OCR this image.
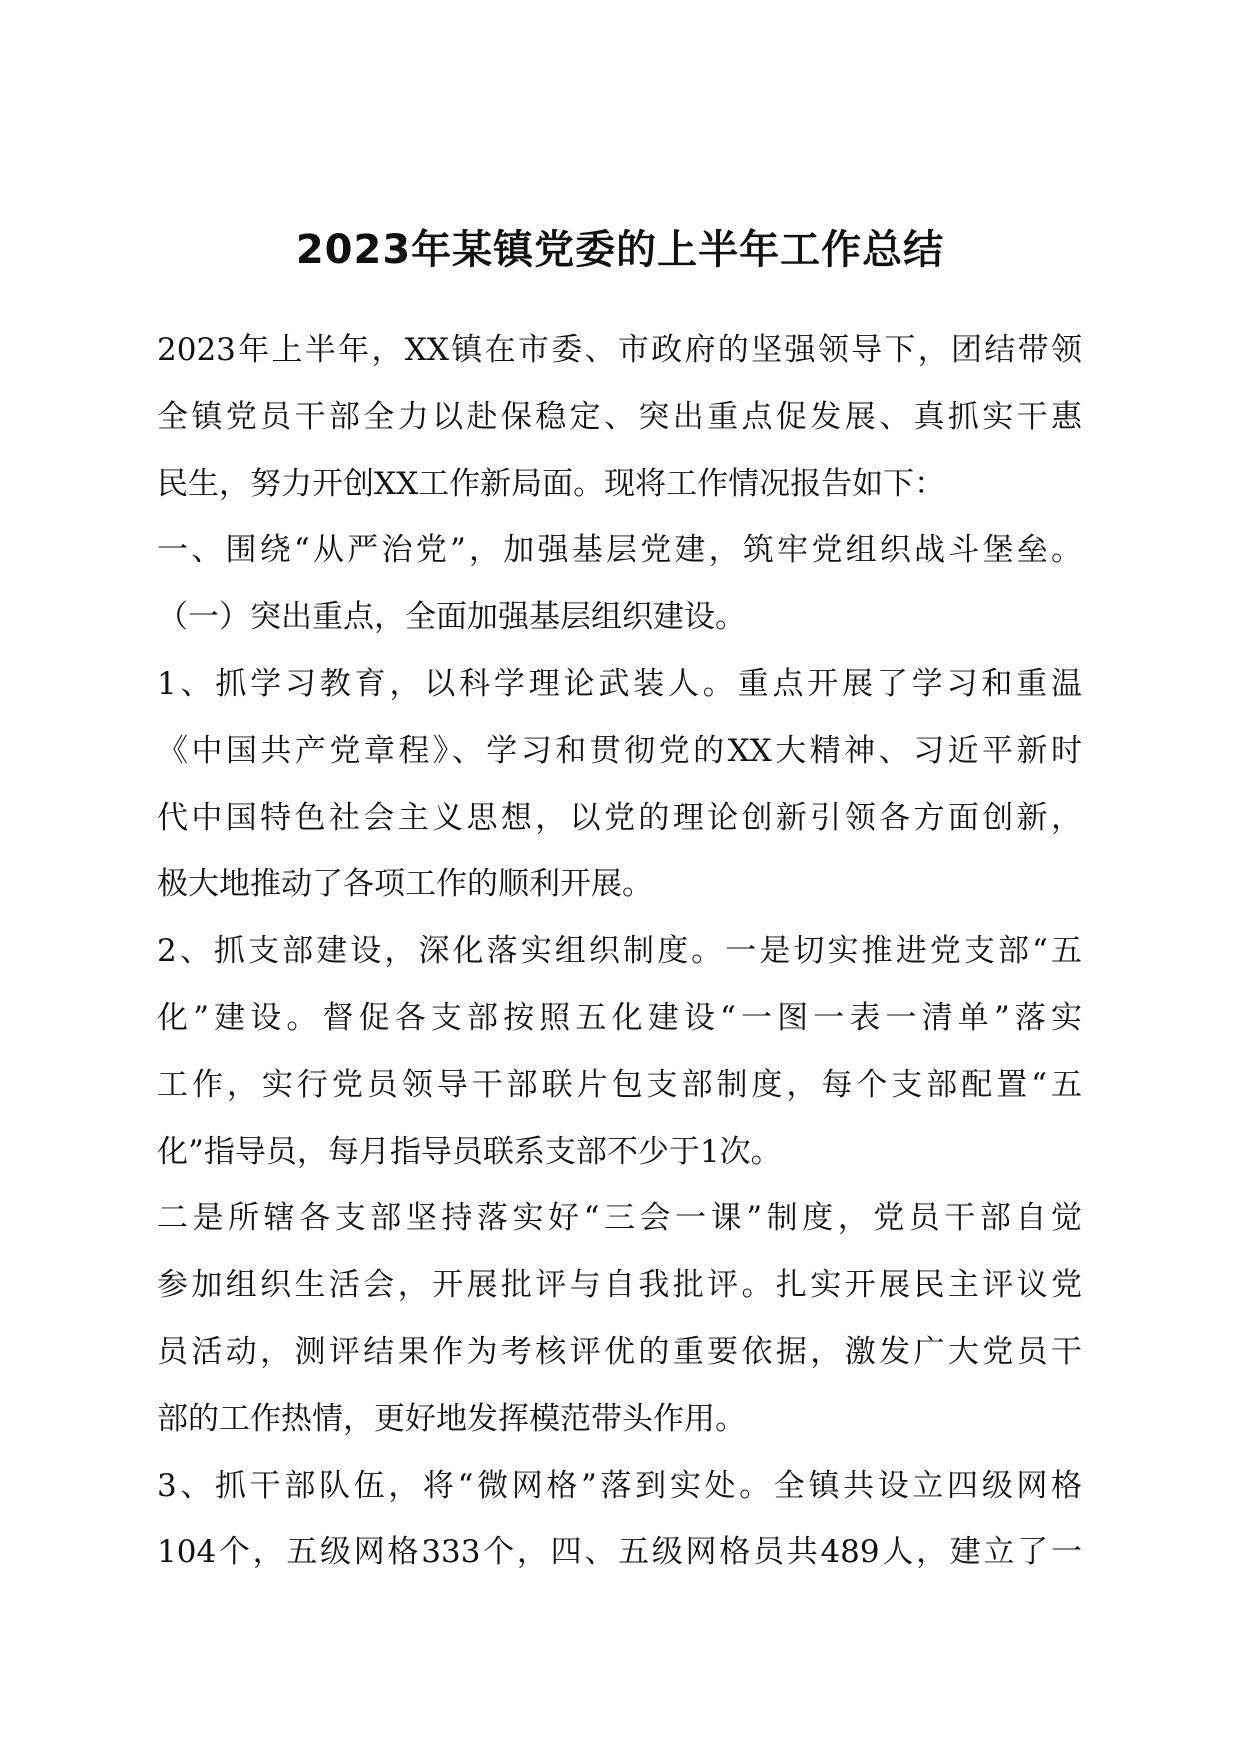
2023年某镇党委的上半年工作总结
2023年上半年，XX镇在市委、市政府的坚强领导下，团结带领
全镇党员干部全力以赴保稳定、突出重点促发展、真抓实干惠
民生，努力开创XX工作新局面。现将工作情况报告如下：
一、围绕“从严治党”，加强基层党建，筑牢党组织战斗堡垒。
（一）突出重点，全面加强基层组织建设。
1、抓学习教育，以科学理论武装人。重点开展了学习和重温
《中国共产党章程》、学习和贯彻党的XX大精神、习近平新时
代中国特色社会主义思想，以党的理论创新引领各方面创新，
极大地推动了各项工作的顺利开展。
2、抓支部建设，深化落实组织制度。一是切实推进党支部“五
化”建设。督促各支部按照五化建设“一图一表一清单”落实
工作，实行党员领导干部联片包支部制度，每个支部配置“五
化”指导员，每月指导员联系支部不少于1次。
二是所辖各支部坚持落实好“三会一课”制度，党员干部自觉
参加组织生活会，开展批评与自我批评。扎实开展民主评议党
员活动，测评结果作为考核评优的重要依据，激发广大党员干
部的工作热情，更好地发挥模范带头作用。
3、抓干部队伍，将“微网格”落到实处。全镇共设立四级网格
104个，五级网格333个，四、五级网格员共489人，建立了一
